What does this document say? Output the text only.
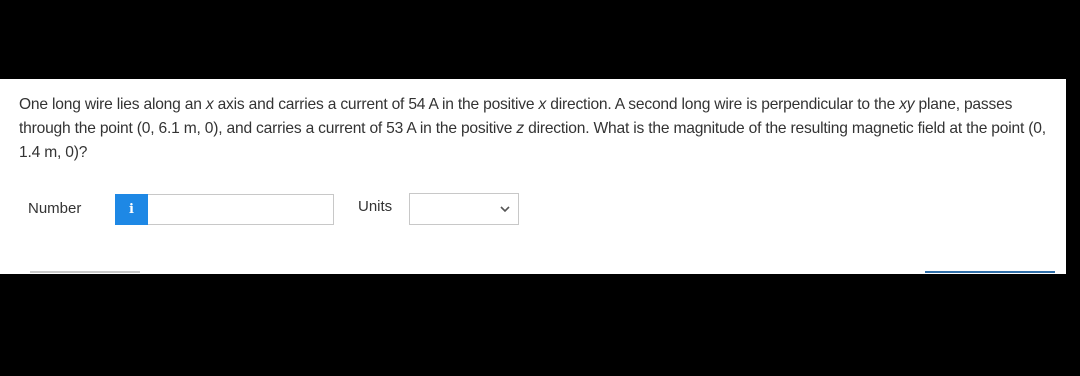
One long wire lies along an x axis and carries a current of 54 A in the positive x direction. A second long wire is perpendicular to the xy plane, passes through the point (0, 6.1 m, 0), and carries a current of 53 A in the positive z direction. What is the magnitude of the resulting magnetic field at the point (0, 1.4 m, 0)?

Number	i	Units
